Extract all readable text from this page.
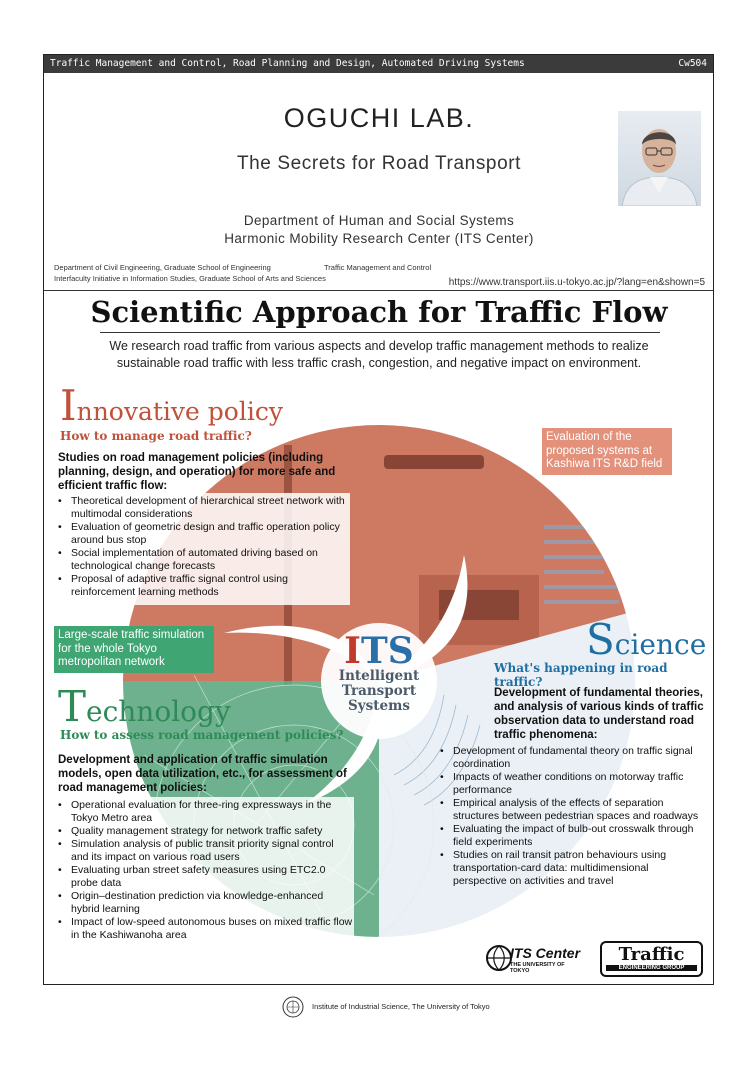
Traffic Management and Control, Road Planning and Design, Automated Driving Systems	Cw504
OGUCHI LAB.
The Secrets for Road Transport
Department of Human and Social Systems
Harmonic Mobility Research Center (ITS Center)
Department of Civil Engineering, Graduate School of Engineering
Interfaculty Initiative in Information Studies, Graduate School of Arts and Sciences
Traffic Management and Control
https://www.transport.iis.u-tokyo.ac.jp/?lang=en&shown=5
Scientific Approach for Traffic Flow
We research road traffic from various aspects and develop traffic management methods to realize sustainable road traffic with less traffic crash, congestion, and negative impact on environment.
ITS
Intelligent
Transport
Systems
Innovative policy
How to manage road traffic?
Studies on road management policies (including planning, design, and operation) for more safe and efficient traffic flow:
• Theoretical development of hierarchical street network with multimodal considerations
• Evaluation of geometric design and traffic operation policy around bus stop
• Social implementation of automated driving based on technological change forecasts
• Proposal of adaptive traffic signal control using reinforcement learning methods
Evaluation of the proposed systems at Kashiwa ITS R&D field
Science
What's happening in road traffic?
Development of fundamental theories, and analysis of various kinds of traffic observation data to understand road traffic phenomena:
• Development of fundamental theory on traffic signal coordination
• Impacts of weather conditions on motorway traffic performance
• Empirical analysis of the effects of separation structures between pedestrian spaces and roadways
• Evaluating the impact of bulb-out crosswalk through field experiments
• Studies on rail transit patron behaviours using transportation-card data: multidimensional perspective on activities and travel
Large-scale traffic simulation for the whole Tokyo metropolitan network
Technology
How to assess road management policies?
Development and application of traffic simulation models, open data utilization, etc., for assessment of road management policies:
• Operational evaluation for three-ring expressways in the Tokyo Metro area
• Quality management strategy for network traffic safety
• Simulation analysis of public transit priority signal control and its impact on various road users
• Evaluating urban street safety measures using ETC2.0 probe data
• Origin–destination prediction via knowledge-enhanced hybrid learning
• Impact of low-speed autonomous buses on mixed traffic flow in the Kashiwanoha area
ITS Center
THE UNIVERSITY OF TOKYO
Traffic
ENGINEERING GROUP
Institute of Industrial Science, The University of Tokyo
